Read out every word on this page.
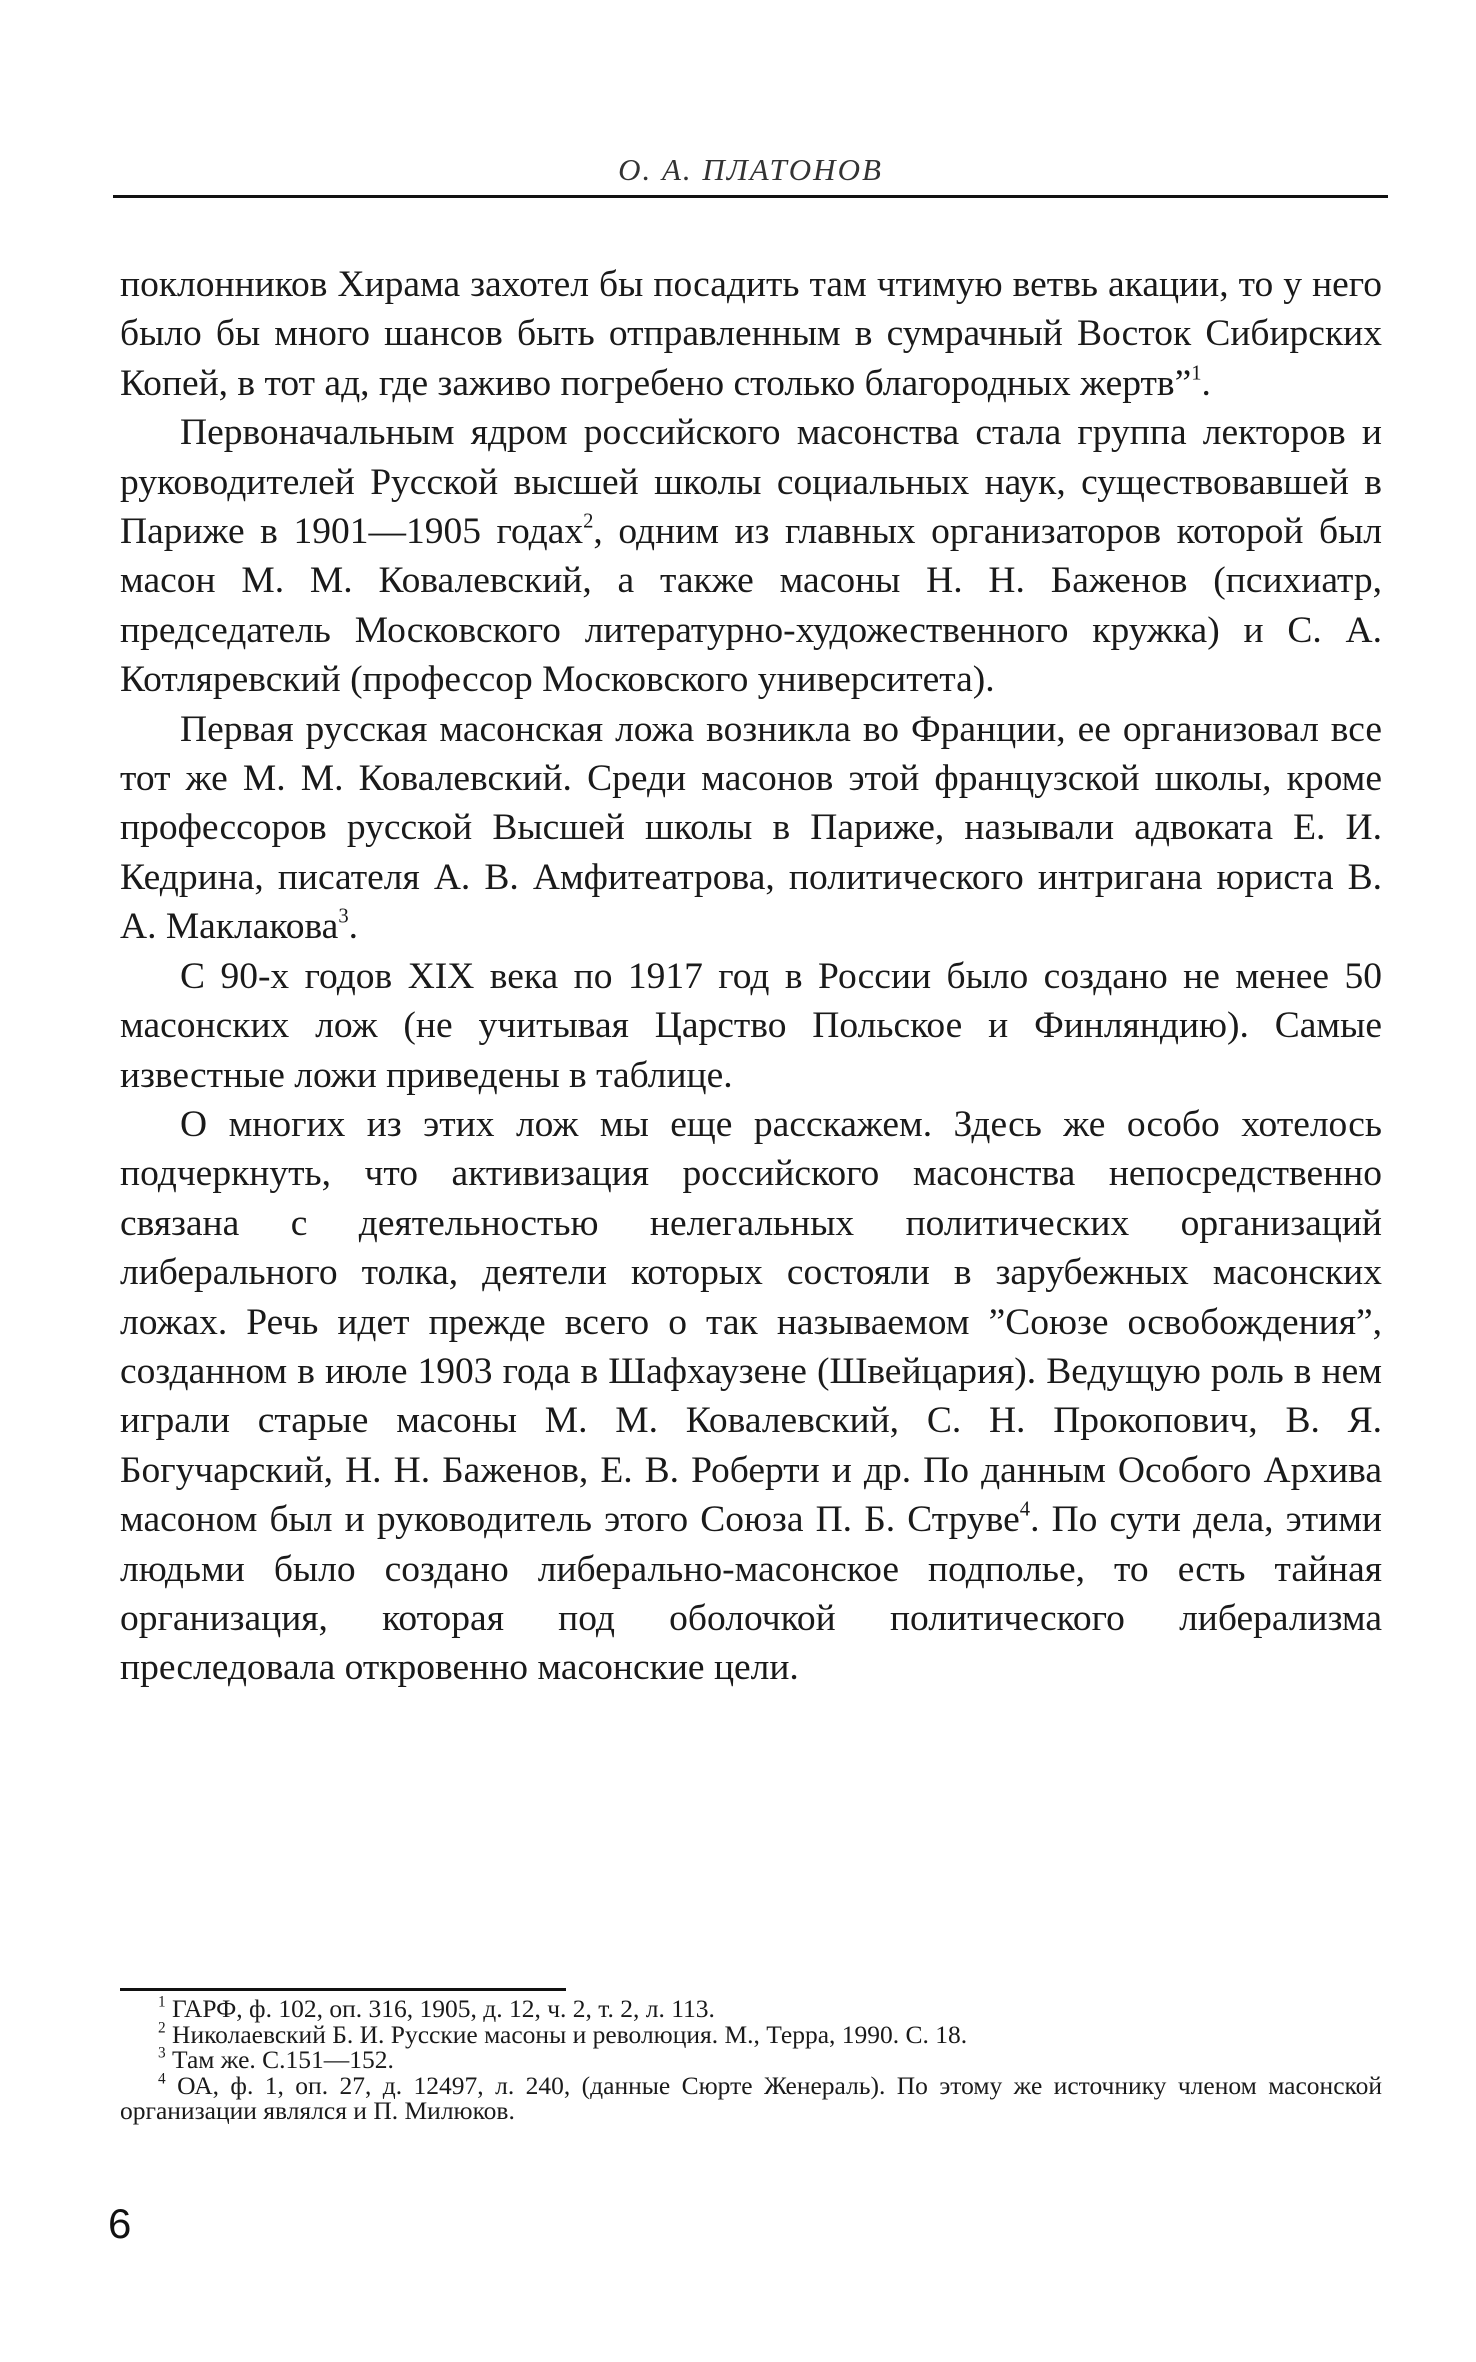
О. А. ПЛАТОНОВ

поклонников Хирама захотел бы посадить там чтимую ветвь акации, то у него было бы много шансов быть отправленным в сумрачный Восток Сибирских Копей, в тот ад, где заживо погребено столько благородных жертв”$^1$.

Первоначальным ядром российского масонства стала группа лекторов и руководителей Русской высшей школы социальных наук, существовавшей в Париже в 1901—1905 годах$^2$, одним из главных организаторов которой был масон М. М. Ковалевский, а также масоны Н. Н. Баженов (психиатр, председатель Московского литературно-художественного кружка) и С. А. Котляревский (профессор Московского университета).

Первая русская масонская ложа возникла во Франции, ее организовал все тот же М. М. Ковалевский. Среди масонов этой французской школы, кроме профессоров русской Высшей школы в Париже, называли адвоката Е. И. Кедрина, писателя А. В. Амфитеатрова, политического интригана юриста В. А. Маклакова$^3$.

С 90-х годов XIX века по 1917 год в России было создано не менее 50 масонских лож (не учитывая Царство Польское и Финляндию). Самые известные ложи приведены в таблице.

О многих из этих лож мы еще расскажем. Здесь же особо хотелось подчеркнуть, что активизация российского масонства непосредственно связана с деятельностью нелегальных политических организаций либерального толка, деятели которых состояли в зарубежных масонских ложах. Речь идет прежде всего о так называемом ”Союзе освобождения”, созданном в июле 1903 года в Шафхаузене (Швейцария). Ведущую роль в нем играли старые масоны М. М. Ковалевский, С. Н. Прокопович, В. Я. Богучарский, Н. Н. Баженов, Е. В. Роберти и др. По данным Особого Архива масоном был и руководитель этого Союза П. Б. Струве$^4$. По сути дела, этими людьми было создано либерально-масонское подполье, то есть тайная организация, которая под оболочкой политического либерализма преследовала откровенно масонские цели.

$^1$ ГАРФ, ф. 102, оп. 316, 1905, д. 12, ч. 2, т. 2, л. 113.

$^2$ Николаевский Б. И. Русские масоны и революция. М., Терра, 1990. С. 18.

$^3$ Там же. С.151—152.

$^4$ ОА, ф. 1, оп. 27, д. 12497, л. 240, (данные Сюрте Женераль). По этому же источнику членом масонской организации являлся и П. Милюков.

6
